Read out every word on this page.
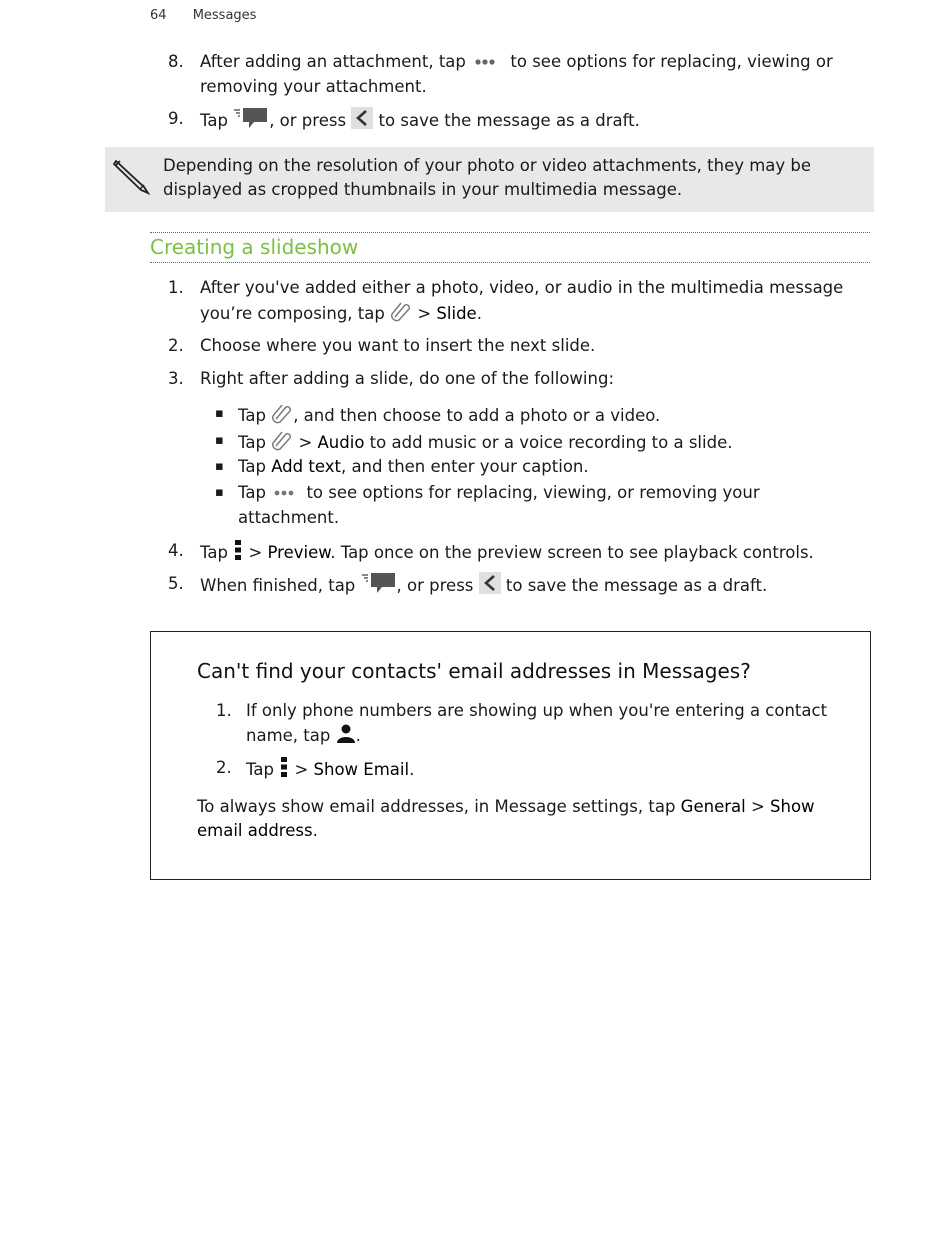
64 Messages
8. After adding an attachment, tap	to see options for replacing, viewing or removing your attachment.
9. Tap	, or press to save the message as a draft.
Depending on the resolution of your photo or video attachments, they may be displayed as cropped thumbnails in your multimedia message.
Creating a slideshow
1. After you've added either a photo, video, or audio in the multimedia message you’re composing, tap > Slide.
2. Choose where you want to insert the next slide.
3. Right after adding a slide, do one of the following:
▪ Tap , and then choose to add a photo or a video.
▪ Tap > Audio to add music or a voice recording to a slide.
▪ Tap Add text, and then enter your caption.
▪ Tap to see options for replacing, viewing, or removing your attachment.
4. Tap > Preview. Tap once on the preview screen to see playback controls.
5. When finished, tap	, or press to save the message as a draft.
Can't find your contacts' email addresses in Messages?
1. If only phone numbers are showing up when you're entering a contact name, tap .
2. Tap > Show Email.
To always show email addresses, in Message settings, tap General > Show email address.
